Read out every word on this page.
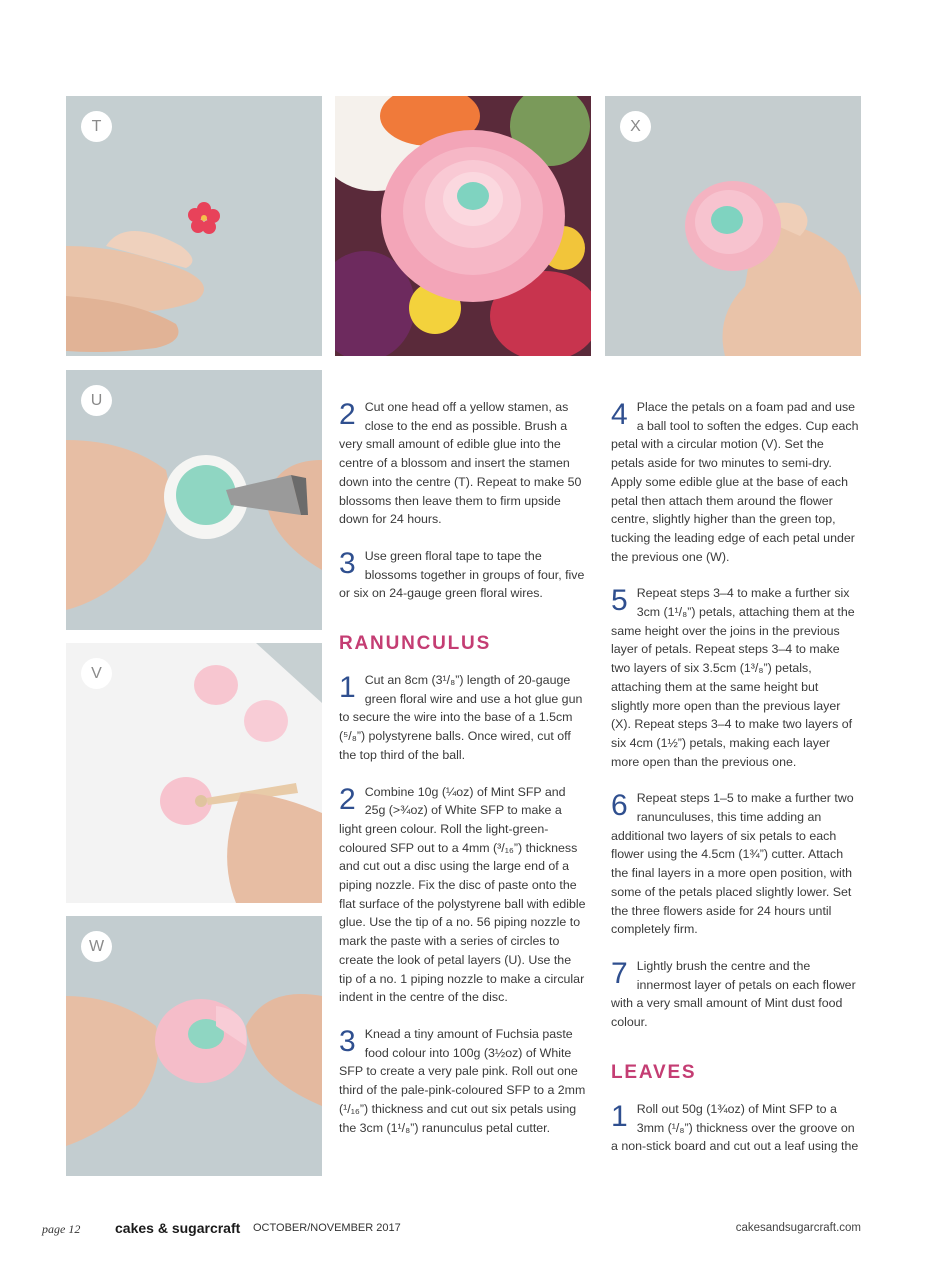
T	X
U
V
W

2 Cut one head off a yellow stamen, as close to the end as possible. Brush a very small amount of edible glue into the centre of a blossom and insert the stamen down into the centre (T). Repeat to make 50 blossoms then leave them to firm upside down for 24 hours.

3 Use green floral tape to tape the blossoms together in groups of four, five or six on 24-gauge green floral wires.

RANUNCULUS

1 Cut an 8cm (3¹/₈”) length of 20-gauge green floral wire and use a hot glue gun to secure the wire into the base of a 1.5cm (⁵/₈”) polystyrene balls. Once wired, cut off the top third of the ball.

2 Combine 10g (¼oz) of Mint SFP and 25g (>¾oz) of White SFP to make a light green colour. Roll the light-green-coloured SFP out to a 4mm (³/₁₆”) thickness and cut out a disc using the large end of a piping nozzle. Fix the disc of paste onto the flat surface of the polystyrene ball with edible glue. Use the tip of a no. 56 piping nozzle to mark the paste with a series of circles to create the look of petal layers (U). Use the tip of a no. 1 piping nozzle to make a circular indent in the centre of the disc.

3 Knead a tiny amount of Fuchsia paste food colour into 100g (3½oz) of White SFP to create a very pale pink. Roll out one third of the pale-pink-coloured SFP to a 2mm (¹/₁₆”) thickness and cut out six petals using the 3cm (1¹/₈”) ranunculus petal cutter.

4 Place the petals on a foam pad and use a ball tool to soften the edges. Cup each petal with a circular motion (V). Set the petals aside for two minutes to semi-dry. Apply some edible glue at the base of each petal then attach them around the flower centre, slightly higher than the green top, tucking the leading edge of each petal under the previous one (W).

5 Repeat steps 3–4 to make a further six 3cm (1¹/₈”) petals, attaching them at the same height over the joins in the previous layer of petals. Repeat steps 3–4 to make two layers of six 3.5cm (1³/₈”) petals, attaching them at the same height but slightly more open than the previous layer (X). Repeat steps 3–4 to make two layers of six 4cm (1½”) petals, making each layer more open than the previous one.

6 Repeat steps 1–5 to make a further two ranunculuses, this time adding an additional two layers of six petals to each flower using the 4.5cm (1¾”) cutter. Attach the final layers in a more open position, with some of the petals placed slightly lower. Set the three flowers aside for 24 hours until completely firm.

7 Lightly brush the centre and the innermost layer of petals on each flower with a very small amount of Mint dust food colour.

LEAVES

1 Roll out 50g (1¾oz) of Mint SFP to a 3mm (¹/₈”) thickness over the groove on a non-stick board and cut out a leaf using the

page 12 cakes & sugarcraft OCTOBER/NOVEMBER 2017	cakesandsugarcraft.com
